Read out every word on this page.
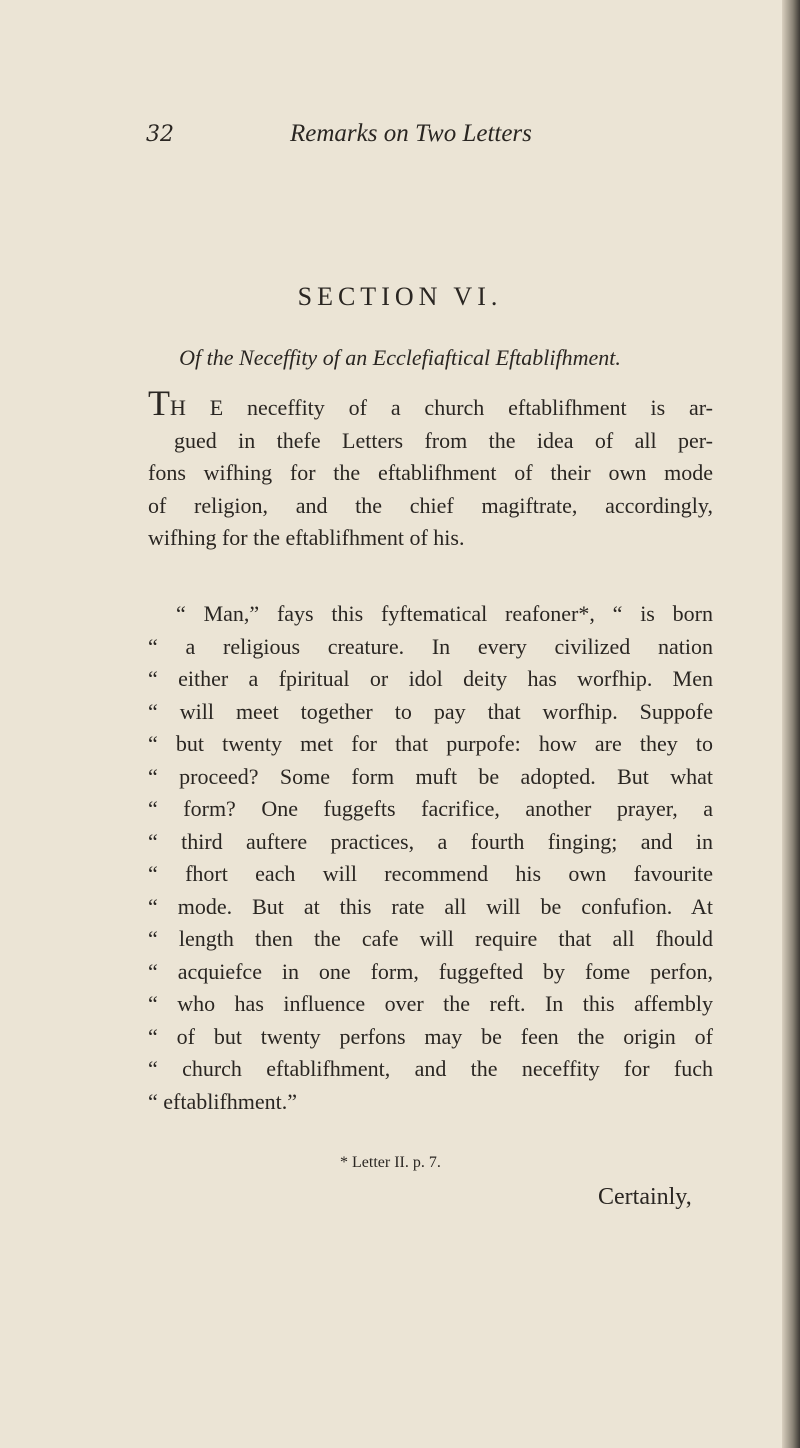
32	Remarks on Two Letters
SECTION VI.
Of the Neceffity of an Ecclefiaftical Eftablifhment.
TH E neceffity of a church eftablifhment is ar-
gued in thefe Letters from the idea of all per-
fons wifhing for the eftablifhment of their own mode
of religion, and the chief magiftrate, accordingly,
wifhing for the eftablifhment of his.
“ Man,” fays this fyftematical reafoner*, “ is born
“ a religious creature. In every civilized nation
“ either a fpiritual or idol deity has worfhip. Men
“ will meet together to pay that worfhip. Suppofe
“ but twenty met for that purpofe: how are they to
“ proceed? Some form muft be adopted. But what
“ form? One fuggefts facrifice, another prayer, a
“ third auftere practices, a fourth finging; and in
“ fhort each will recommend his own favourite
“ mode. But at this rate all will be confufion. At
“ length then the cafe will require that all fhould
“ acquiefce in one form, fuggefted by fome perfon,
“ who has influence over the reft. In this affembly
“ of but twenty perfons may be feen the origin of
“ church eftablifhment, and the neceffity for fuch
“ eftablifhment.”
* Letter II. p. 7.
Certainly,
